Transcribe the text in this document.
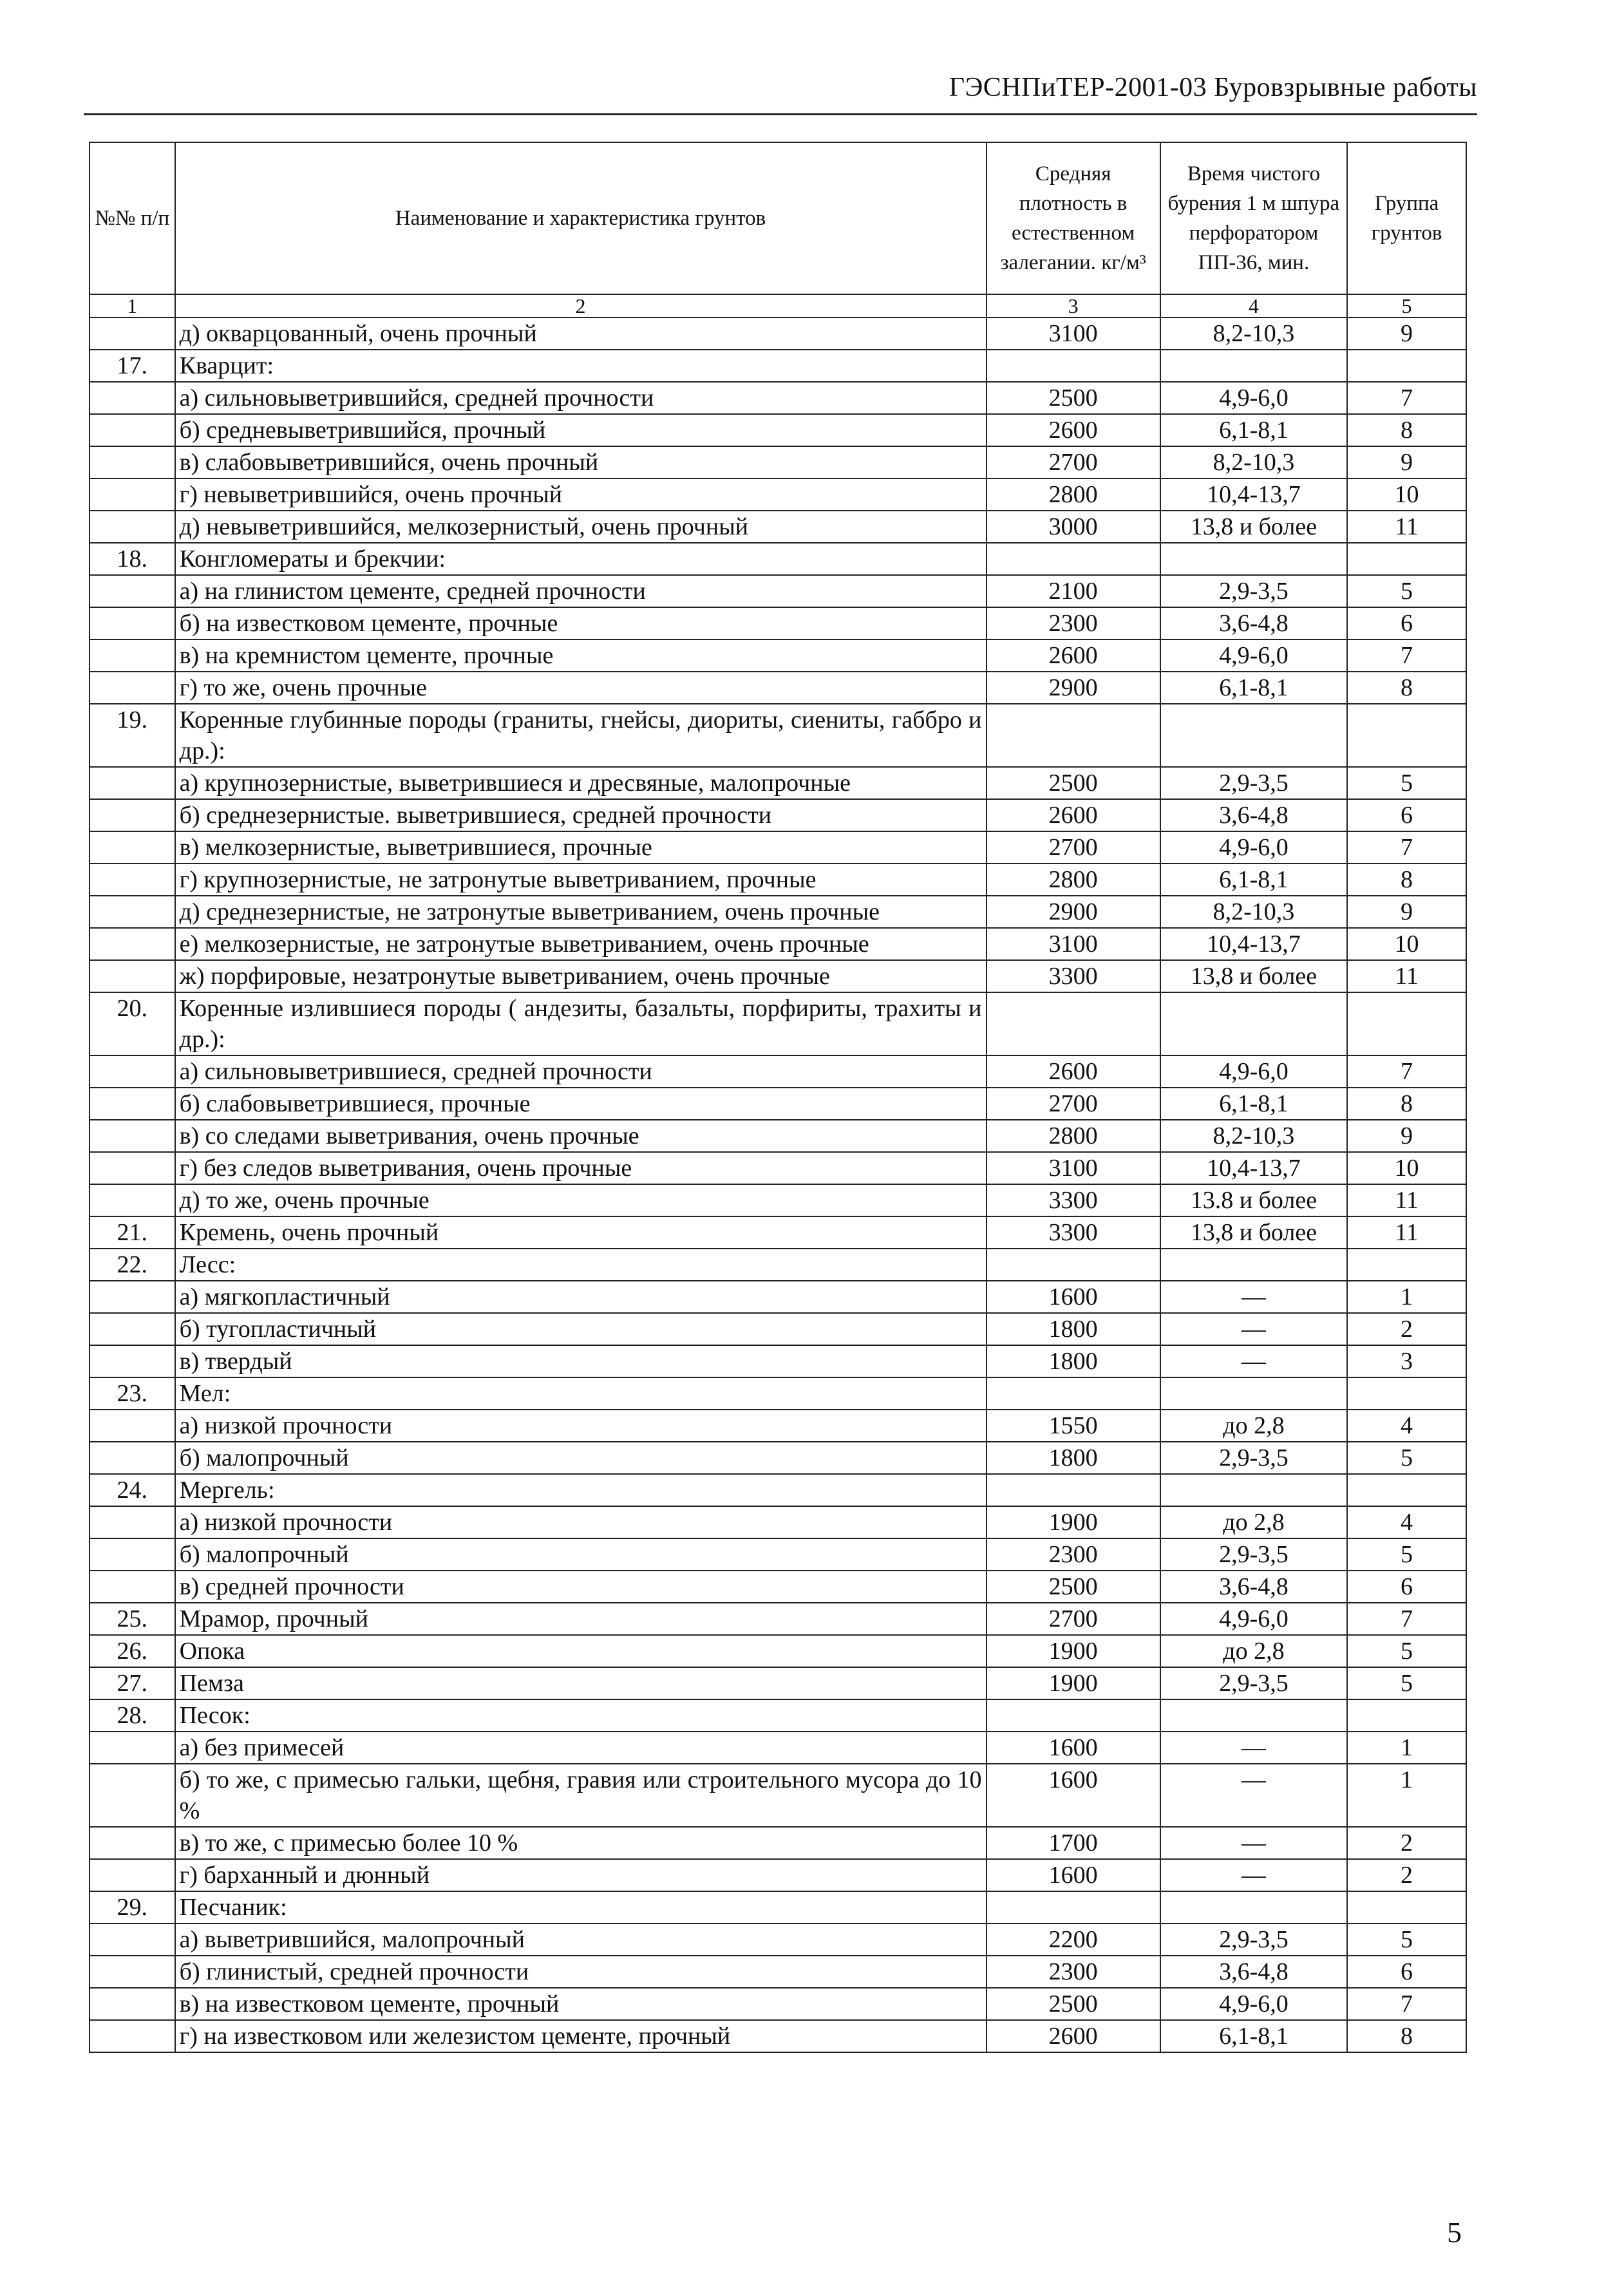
ГЭСНПиТЕР-2001-03 Буровзрывные работы
№№ п/п	Наименование и характеристика грунтов	Средняя плотность в естественном залегании. кг/м³	Время чистого бурения 1 м шпура перфоратором ПП-36, мин.	Группа грунтов
1	2	3	4	5
	д) окварцованный, очень прочный	3100	8,2-10,3	9
17.	Кварцит:			
	а) сильновыветрившийся, средней прочности	2500	4,9-6,0	7
	б) средневыветрившийся, прочный	2600	6,1-8,1	8
	в) слабовыветрившийся, очень прочный	2700	8,2-10,3	9
	г) невыветрившийся, очень прочный	2800	10,4-13,7	10
	д) невыветрившийся, мелкозернистый, очень прочный	3000	13,8 и более	11
18.	Конгломераты и брекчии:			
	а) на глинистом цементе, средней прочности	2100	2,9-3,5	5
	б) на известковом цементе, прочные	2300	3,6-4,8	6
	в) на кремнистом цементе, прочные	2600	4,9-6,0	7
	г) то же, очень прочные	2900	6,1-8,1	8
19.	Коренные глубинные породы (граниты, гнейсы, диориты, сиениты, габбро и др.):			
	а) крупнозернистые, выветрившиеся и дресвяные, малопрочные	2500	2,9-3,5	5
	б) среднезернистые. выветрившиеся, средней прочности	2600	3,6-4,8	6
	в) мелкозернистые, выветрившиеся, прочные	2700	4,9-6,0	7
	г) крупнозернистые, не затронутые выветриванием, прочные	2800	6,1-8,1	8
	д) среднезернистые, не затронутые выветриванием, очень прочные	2900	8,2-10,3	9
	е) мелкозернистые, не затронутые выветриванием, очень прочные	3100	10,4-13,7	10
	ж) порфировые, незатронутые выветриванием, очень прочные	3300	13,8 и более	11
20.	Коренные излившиеся породы ( андезиты, базальты, порфириты, трахиты и др.):			
	а) сильновыветрившиеся, средней прочности	2600	4,9-6,0	7
	б) слабовыветрившиеся, прочные	2700	6,1-8,1	8
	в) со следами выветривания, очень прочные	2800	8,2-10,3	9
	г) без следов выветривания, очень прочные	3100	10,4-13,7	10
	д) то же, очень прочные	3300	13.8 и более	11
21.	Кремень, очень прочный	3300	13,8 и более	11
22.	Лесс:			
	а) мягкопластичный	1600	—	1
	б) тугопластичный	1800	—	2
	в) твердый	1800	—	3
23.	Мел:			
	а) низкой прочности	1550	до 2,8	4
	б) малопрочный	1800	2,9-3,5	5
24.	Мергель:			
	а) низкой прочности	1900	до 2,8	4
	б) малопрочный	2300	2,9-3,5	5
	в) средней прочности	2500	3,6-4,8	6
25.	Мрамор, прочный	2700	4,9-6,0	7
26.	Опока	1900	до 2,8	5
27.	Пемза	1900	2,9-3,5	5
28.	Песок:			
	а) без примесей	1600	—	1
	б) то же, с примесью гальки, щебня, гравия или строительного мусора до 10 %	1600	—	1
	в) то же, с примесью более 10 %	1700	—	2
	г) барханный и дюнный	1600	—	2
29.	Песчаник:			
	а) выветрившийся, малопрочный	2200	2,9-3,5	5
	б) глинистый, средней прочности	2300	3,6-4,8	6
	в) на известковом цементе, прочный	2500	4,9-6,0	7
	г) на известковом или железистом цементе, прочный	2600	6,1-8,1	8
5
